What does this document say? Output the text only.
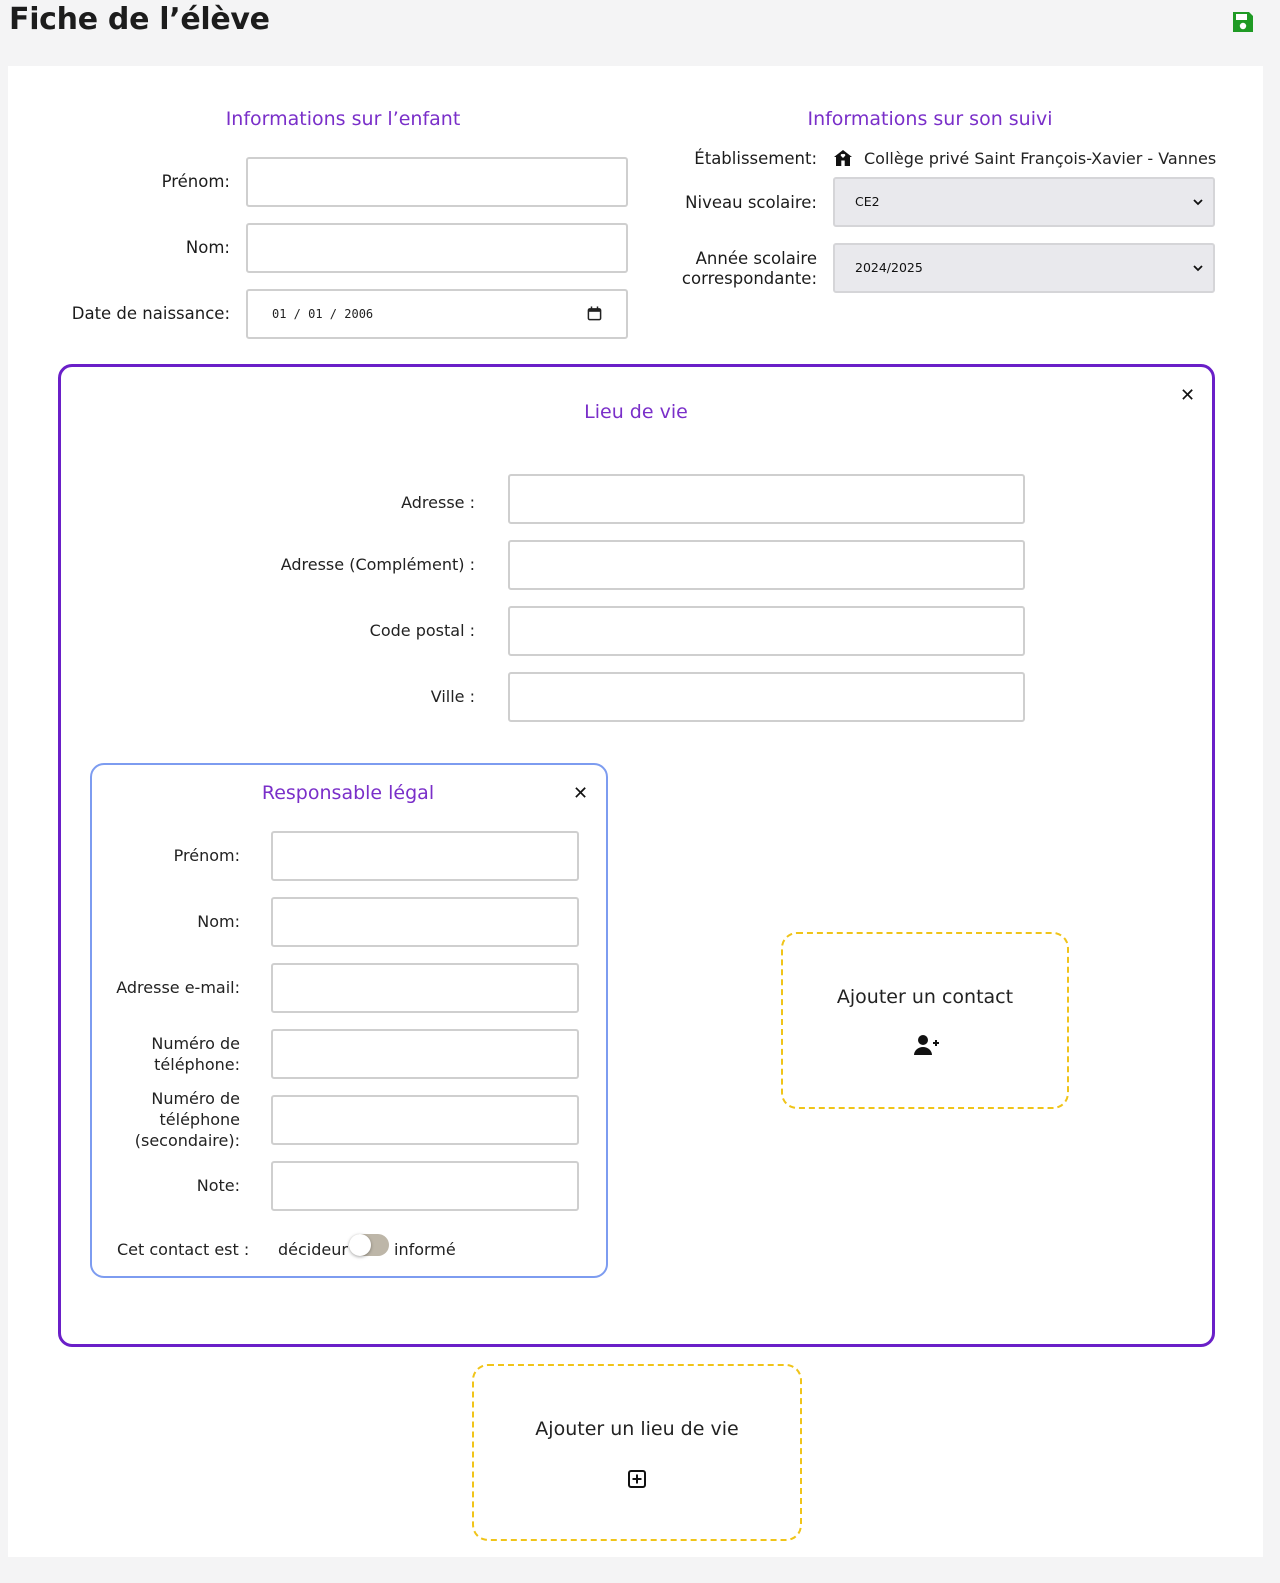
Fiche de l’élève
Informations sur l’enfant
Prénom:
Nom:
Date de naissance:	01 / 01 / 2006
Informations sur son suivi
Établissement:	Collège privé Saint François-Xavier - Vannes
Niveau scolaire:	CE2
Année scolaire
correspondante:
2024/2025
✕
Lieu de vie
Adresse :
Adresse (Complément) :
Code postal :
Ville :
✕
Responsable légal
Prénom:
Nom:
Adresse e-mail:
Numéro de
téléphone:
Numéro de
téléphone
(secondaire):
Note:
Cet contact est : décideur	informé
Ajouter un contact
Ajouter un lieu de vie
